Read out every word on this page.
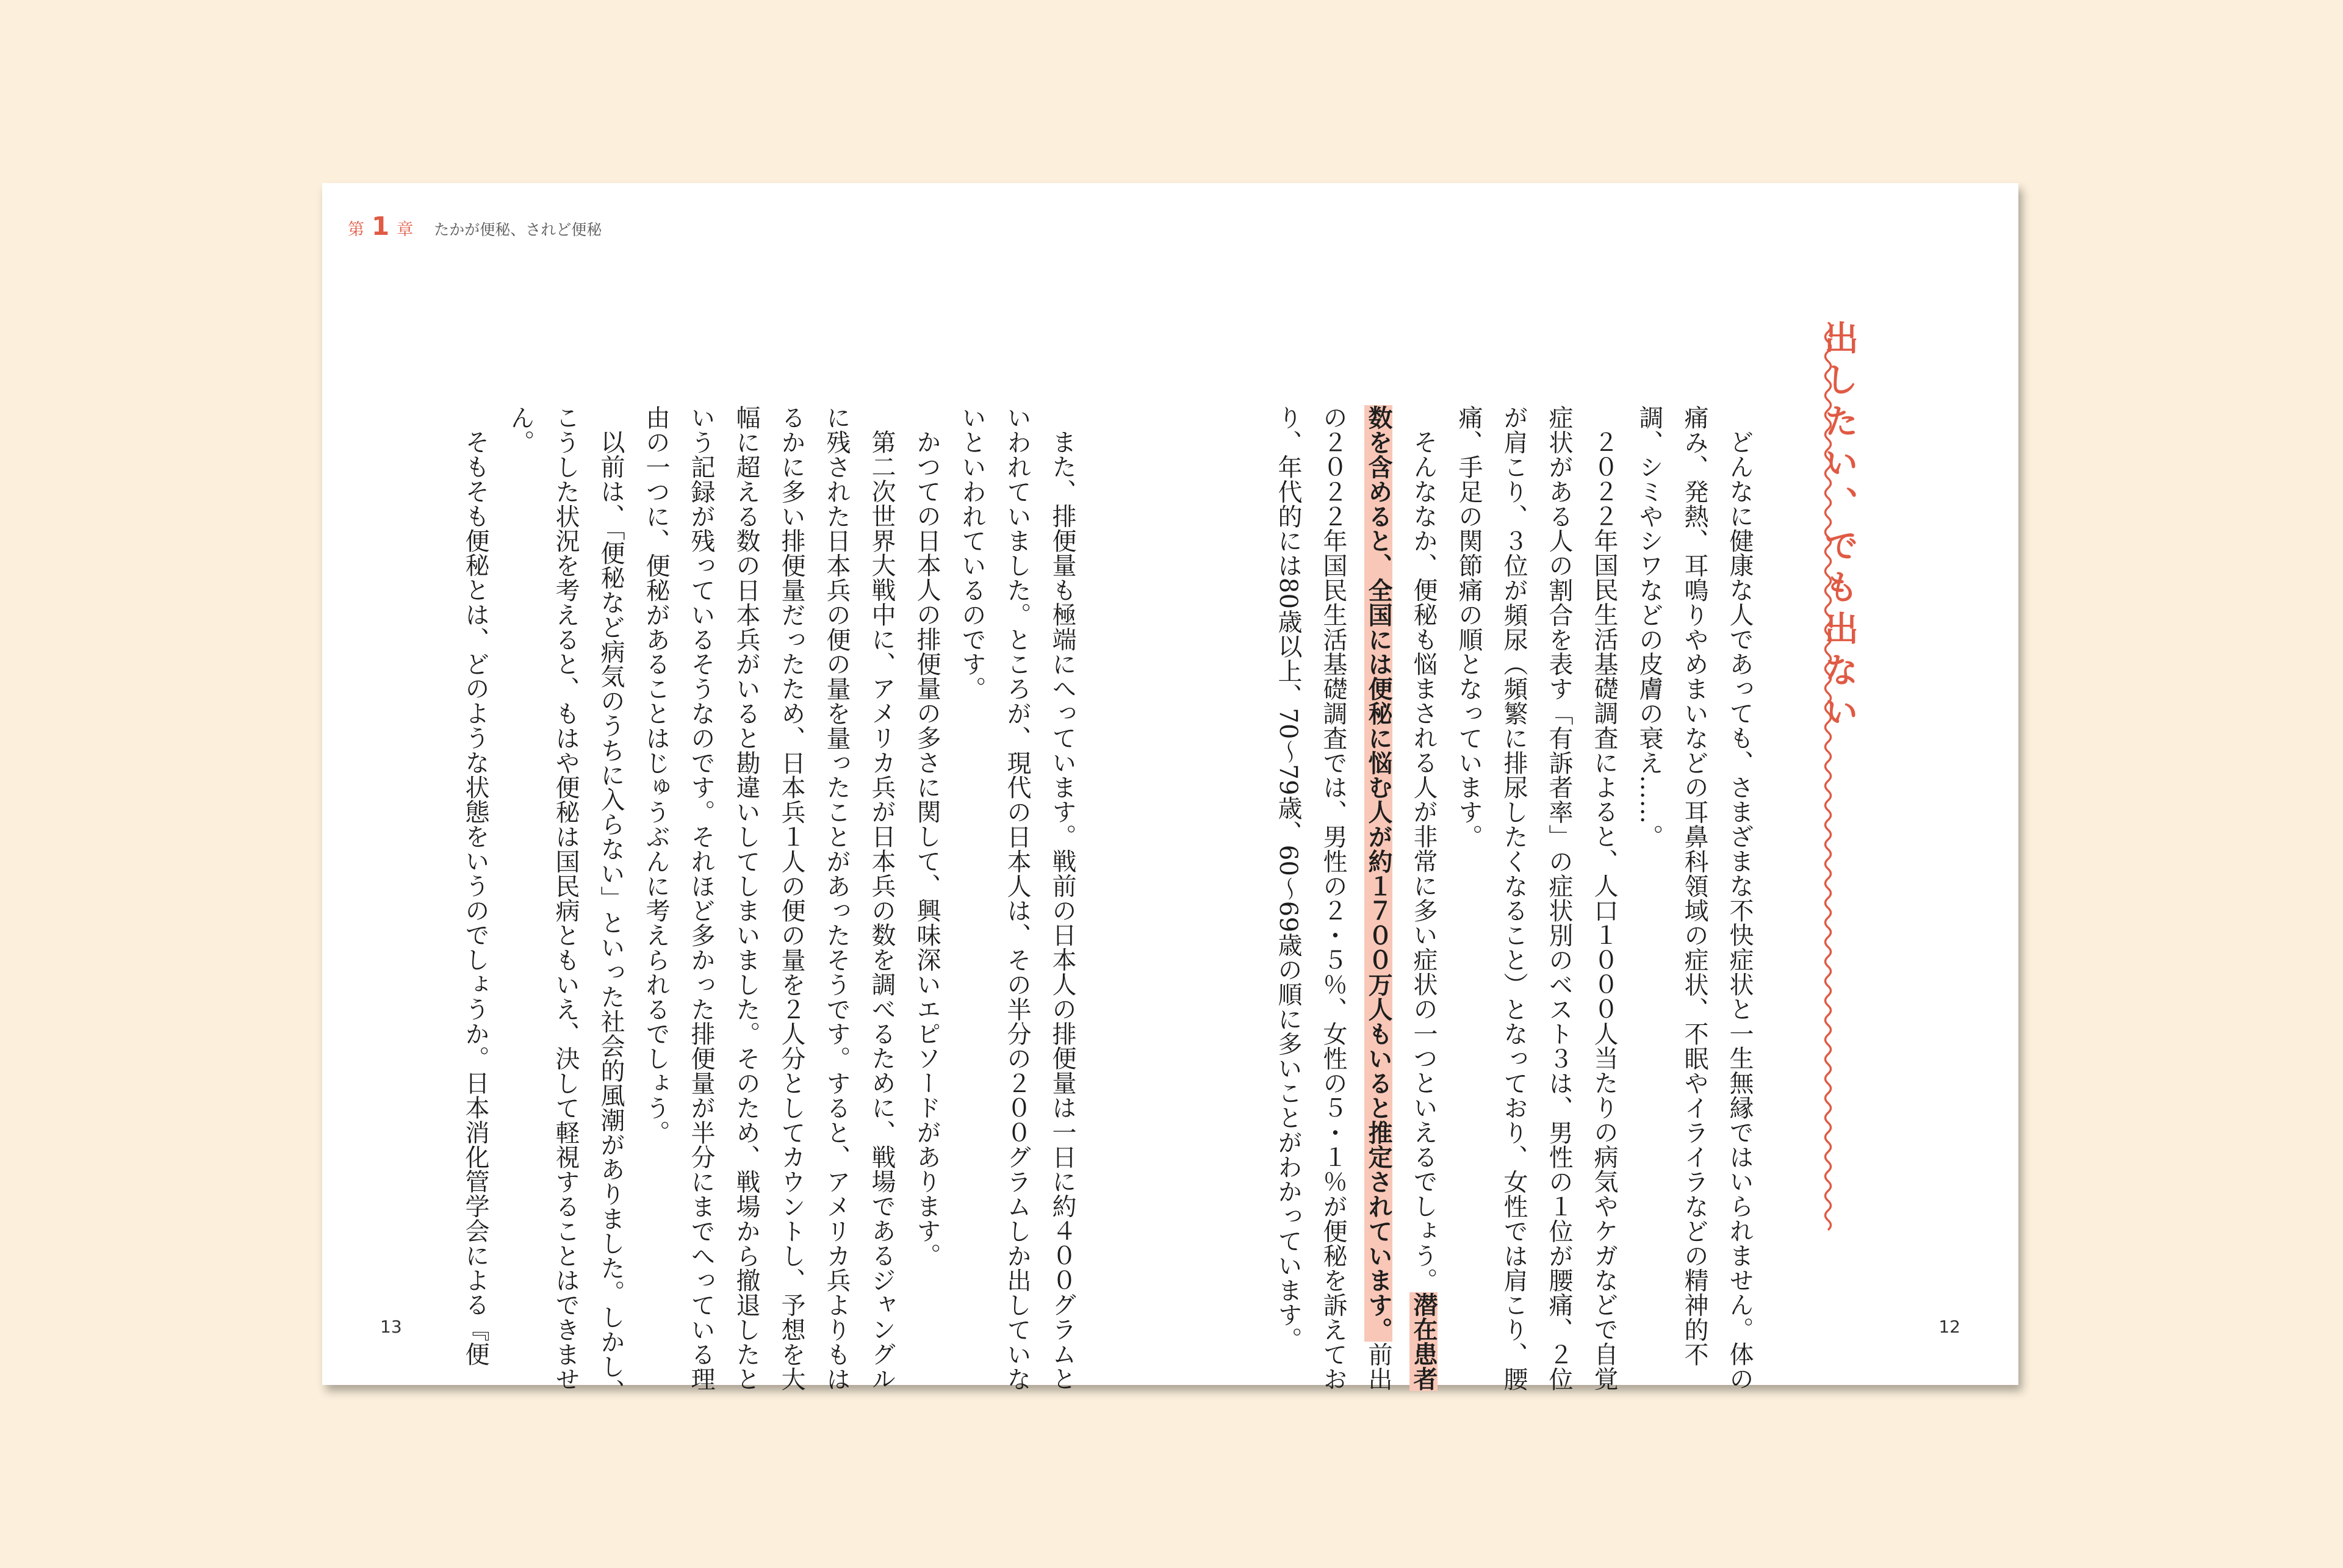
第 1 章 たかが便秘、されど便秘
出したい、でも出ない

どんなに健康な人であっても、さまざまな不快症状と一生無縁ではいられません。体の痛み、発熱、耳鳴りやめまいなどの耳鼻科領域の症状、不眠やイライラなどの精神的不調、シミやシワなどの皮膚の衰え……。

２０２２年国民生活基礎調査によると、人口１０００人当たりの病気やケガなどで自覚症状がある人の割合を表す「有訴者率」の症状別のベスト３は、男性の１位が腰痛、２位が肩こり、３位が頻尿（頻繁に排尿したくなること）となっており、女性では肩こり、腰痛、手足の関節痛の順となっています。

そんななか、便秘も悩まされる人が非常に多い症状の一つといえるでしょう。潜在患者数を含めると、全国には便秘に悩む人が約１７００万人もいると推定されています。前出の２０２２年国民生活基礎調査では、男性の２・５％、女性の５・１％が便秘を訴えており、年代的には80歳以上、70～79歳、60～69歳の順に多いことがわかっています。

また、排便量も極端にへっています。戦前の日本人の排便量は一日に約４００グラムといわれていました。ところが、現代の日本人は、その半分の２００グラムしか出していないといわれているのです。

かつての日本人の排便量の多さに関して、興味深いエピソードがあります。

第二次世界大戦中に、アメリカ兵が日本兵の数を調べるために、戦場であるジャングルに残された日本兵の便の量を量ったことがあったそうです。すると、アメリカ兵よりもはるかに多い排便量だったため、日本兵１人の便の量を２人分としてカウントし、予想を大幅に超える数の日本兵がいると勘違いしてしまいました。そのため、戦場から撤退したという記録が残っているそうなのです。それほど多かった排便量が半分にまでへっている理由の一つに、便秘があることはじゅうぶんに考えられるでしょう。

以前は、「便秘など病気のうちに入らない」といった社会的風潮がありました。しかし、こうした状況を考えると、もはや便秘は国民病ともいえ、決して軽視することはできません。

そもそも便秘とは、どのような状態をいうのでしょうか。日本消化管学会による『便

13	12
